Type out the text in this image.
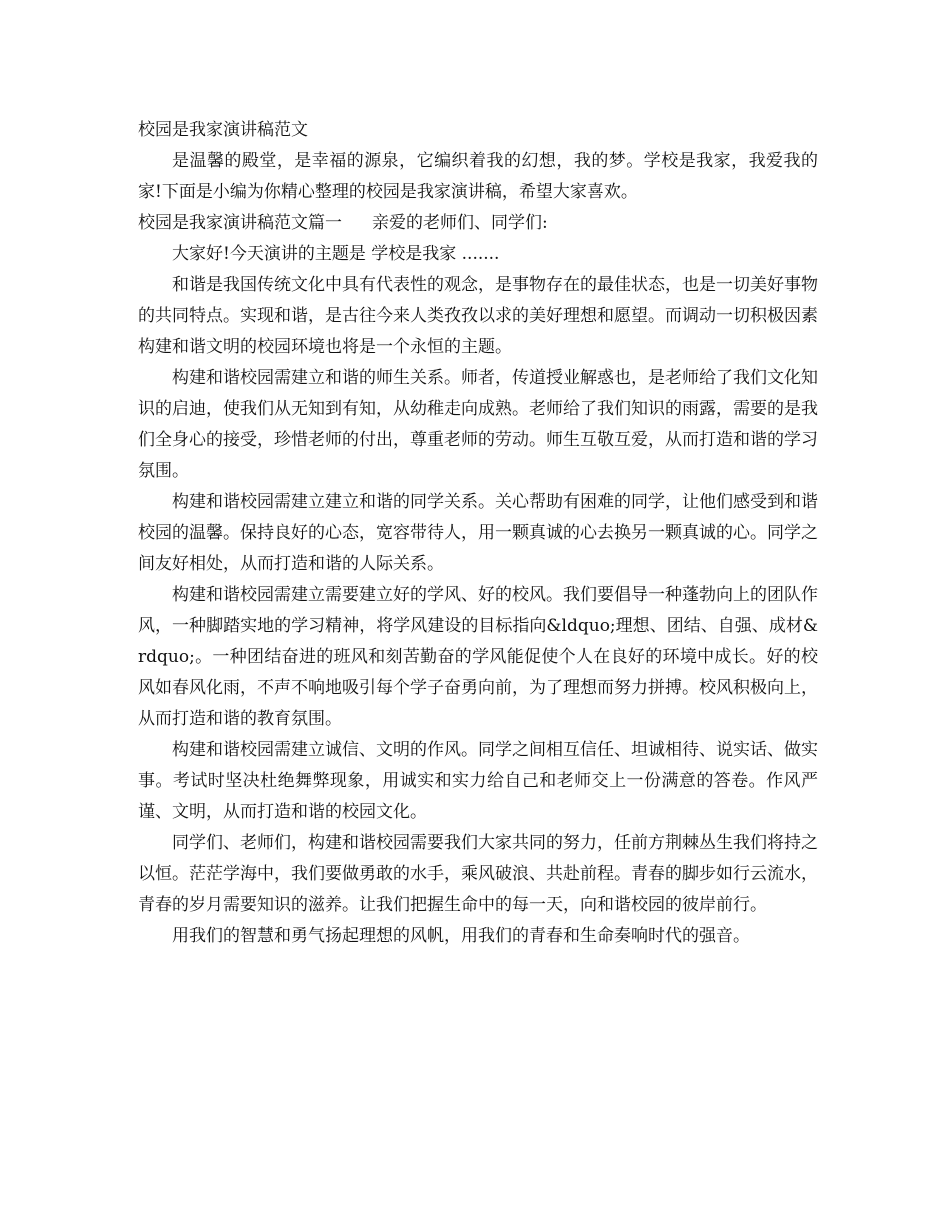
校园是我家演讲稿范文

是温馨的殿堂，是幸福的源泉，它编织着我的幻想，我的梦。学校是我家，我爱我的家!下面是小编为你精心整理的校园是我家演讲稿，希望大家喜欢。

校园是我家演讲稿范文篇一 亲爱的老师们、同学们:

大家好!今天演讲的主题是 学校是我家 .......

和谐是我国传统文化中具有代表性的观念，是事物存在的最佳状态，也是一切美好事物的共同特点。实现和谐，是古往今来人类孜孜以求的美好理想和愿望。而调动一切积极因素构建和谐文明的校园环境也将是一个永恒的主题。

构建和谐校园需建立和谐的师生关系。师者，传道授业解惑也，是老师给了我们文化知识的启迪，使我们从无知到有知，从幼稚走向成熟。老师给了我们知识的雨露，需要的是我们全身心的接受，珍惜老师的付出，尊重老师的劳动。师生互敬互爱，从而打造和谐的学习氛围。

构建和谐校园需建立建立和谐的同学关系。关心帮助有困难的同学，让他们感受到和谐校园的温馨。保持良好的心态，宽容带待人，用一颗真诚的心去换另一颗真诚的心。同学之间友好相处，从而打造和谐的人际关系。

构建和谐校园需建立需要建立好的学风、好的校风。我们要倡导一种蓬勃向上的团队作风，一种脚踏实地的学习精神，将学风建设的目标指向&ldquo;理想、团结、自强、成材&rdquo;。一种团结奋进的班风和刻苦勤奋的学风能促使个人在良好的环境中成长。好的校风如春风化雨，不声不响地吸引每个学子奋勇向前，为了理想而努力拼搏。校风积极向上，从而打造和谐的教育氛围。

构建和谐校园需建立诚信、文明的作风。同学之间相互信任、坦诚相待、说实话、做实事。考试时坚决杜绝舞弊现象，用诚实和实力给自己和老师交上一份满意的答卷。作风严谨、文明，从而打造和谐的校园文化。

同学们、老师们，构建和谐校园需要我们大家共同的努力，任前方荆棘丛生我们将持之以恒。茫茫学海中，我们要做勇敢的水手，乘风破浪、共赴前程。青春的脚步如行云流水，青春的岁月需要知识的滋养。让我们把握生命中的每一天，向和谐校园的彼岸前行。

用我们的智慧和勇气扬起理想的风帆，用我们的青春和生命奏响时代的强音。
